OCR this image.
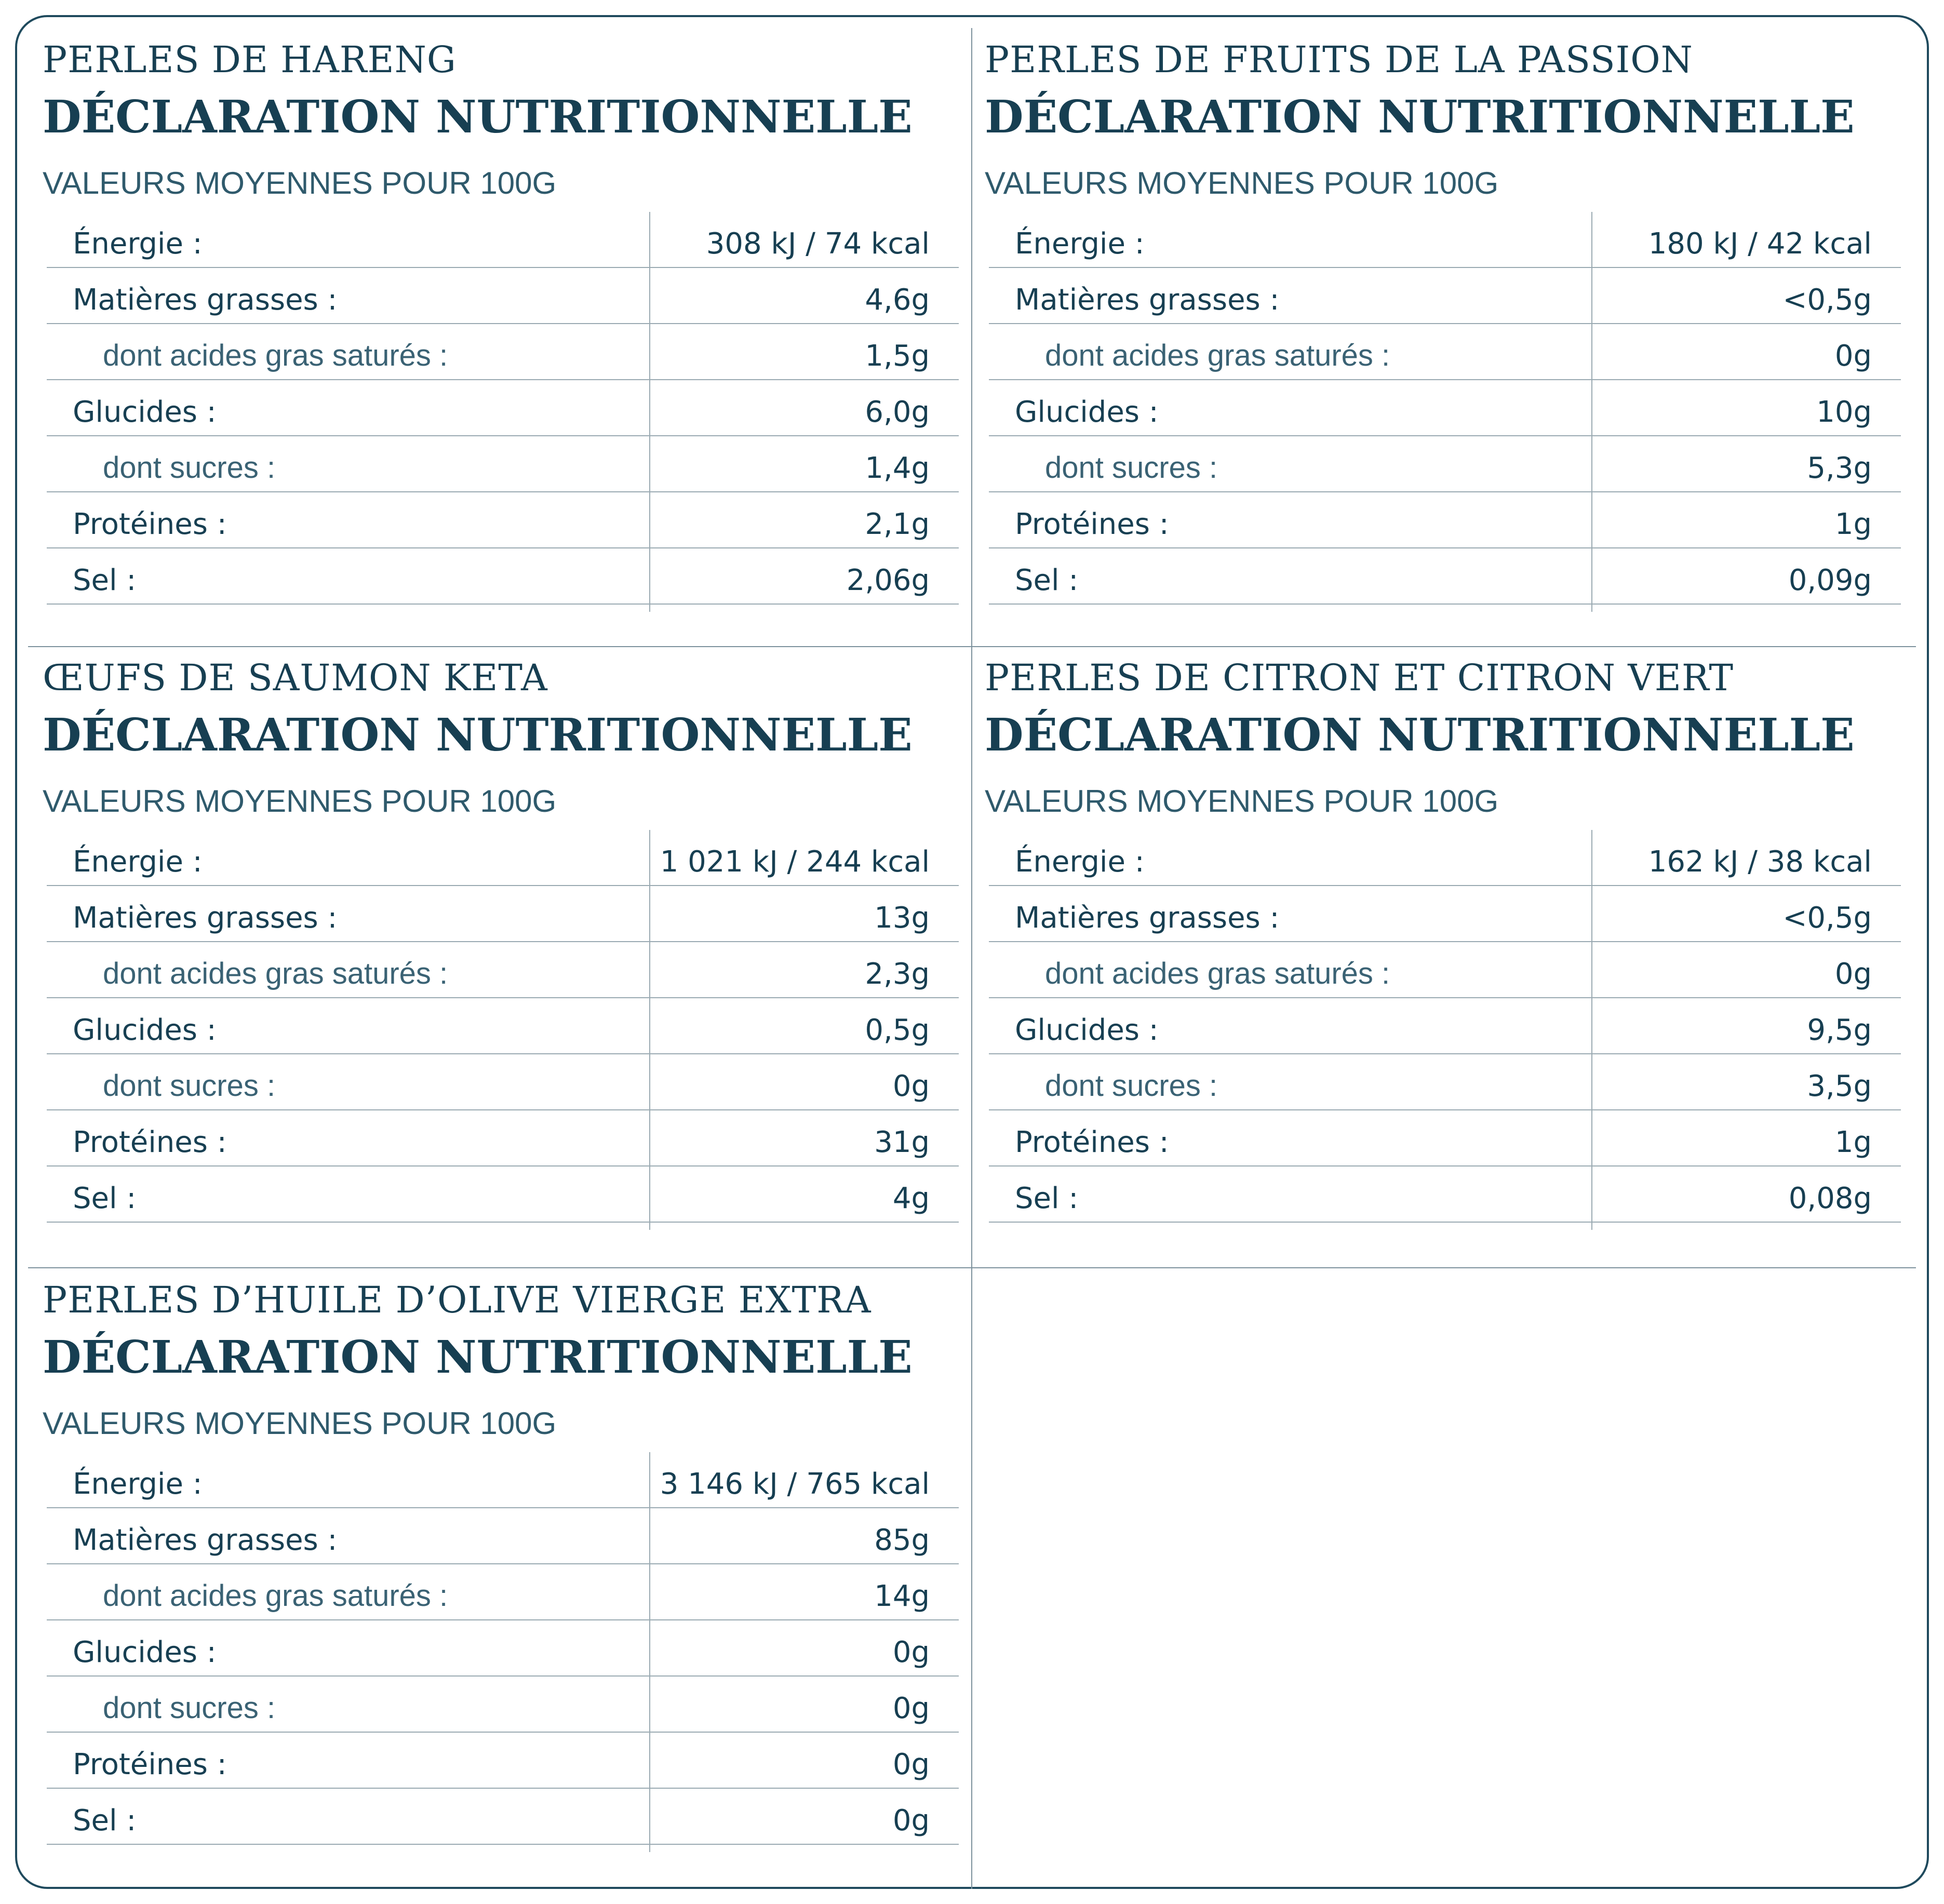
PERLES DE HARENG
DÉCLARATION NUTRITIONNELLE

VALEURS MOYENNES POUR 100G

Énergie :	308 kJ / 74 kcal
Matières grasses :	4,6g
dont acides gras saturés :	1,5g
Glucides :	6,0g
dont sucres :	1,4g
Protéines :	2,1g
Sel :	2,06g
PERLES DE FRUITS DE LA PASSION
DÉCLARATION NUTRITIONNELLE

VALEURS MOYENNES POUR 100G

Énergie :	180 kJ / 42 kcal
Matières grasses :	<0,5g
dont acides gras saturés :	0g
Glucides :	10g
dont sucres :	5,3g
Protéines :	1g
Sel :	0,09g
ŒUFS DE SAUMON KETA
DÉCLARATION NUTRITIONNELLE

VALEURS MOYENNES POUR 100G

Énergie :	1 021 kJ / 244 kcal
Matières grasses :	13g
dont acides gras saturés :	2,3g
Glucides :	0,5g
dont sucres :	0g
Protéines :	31g
Sel :	4g
PERLES DE CITRON ET CITRON VERT
DÉCLARATION NUTRITIONNELLE

VALEURS MOYENNES POUR 100G

Énergie :	162 kJ / 38 kcal
Matières grasses :	<0,5g
dont acides gras saturés :	0g
Glucides :	9,5g
dont sucres :	3,5g
Protéines :	1g
Sel :	0,08g
PERLES D’HUILE D’OLIVE VIERGE EXTRA
DÉCLARATION NUTRITIONNELLE

VALEURS MOYENNES POUR 100G

Énergie :	3 146 kJ / 765 kcal
Matières grasses :	85g
dont acides gras saturés :	14g
Glucides :	0g
dont sucres :	0g
Protéines :	0g
Sel :	0g
